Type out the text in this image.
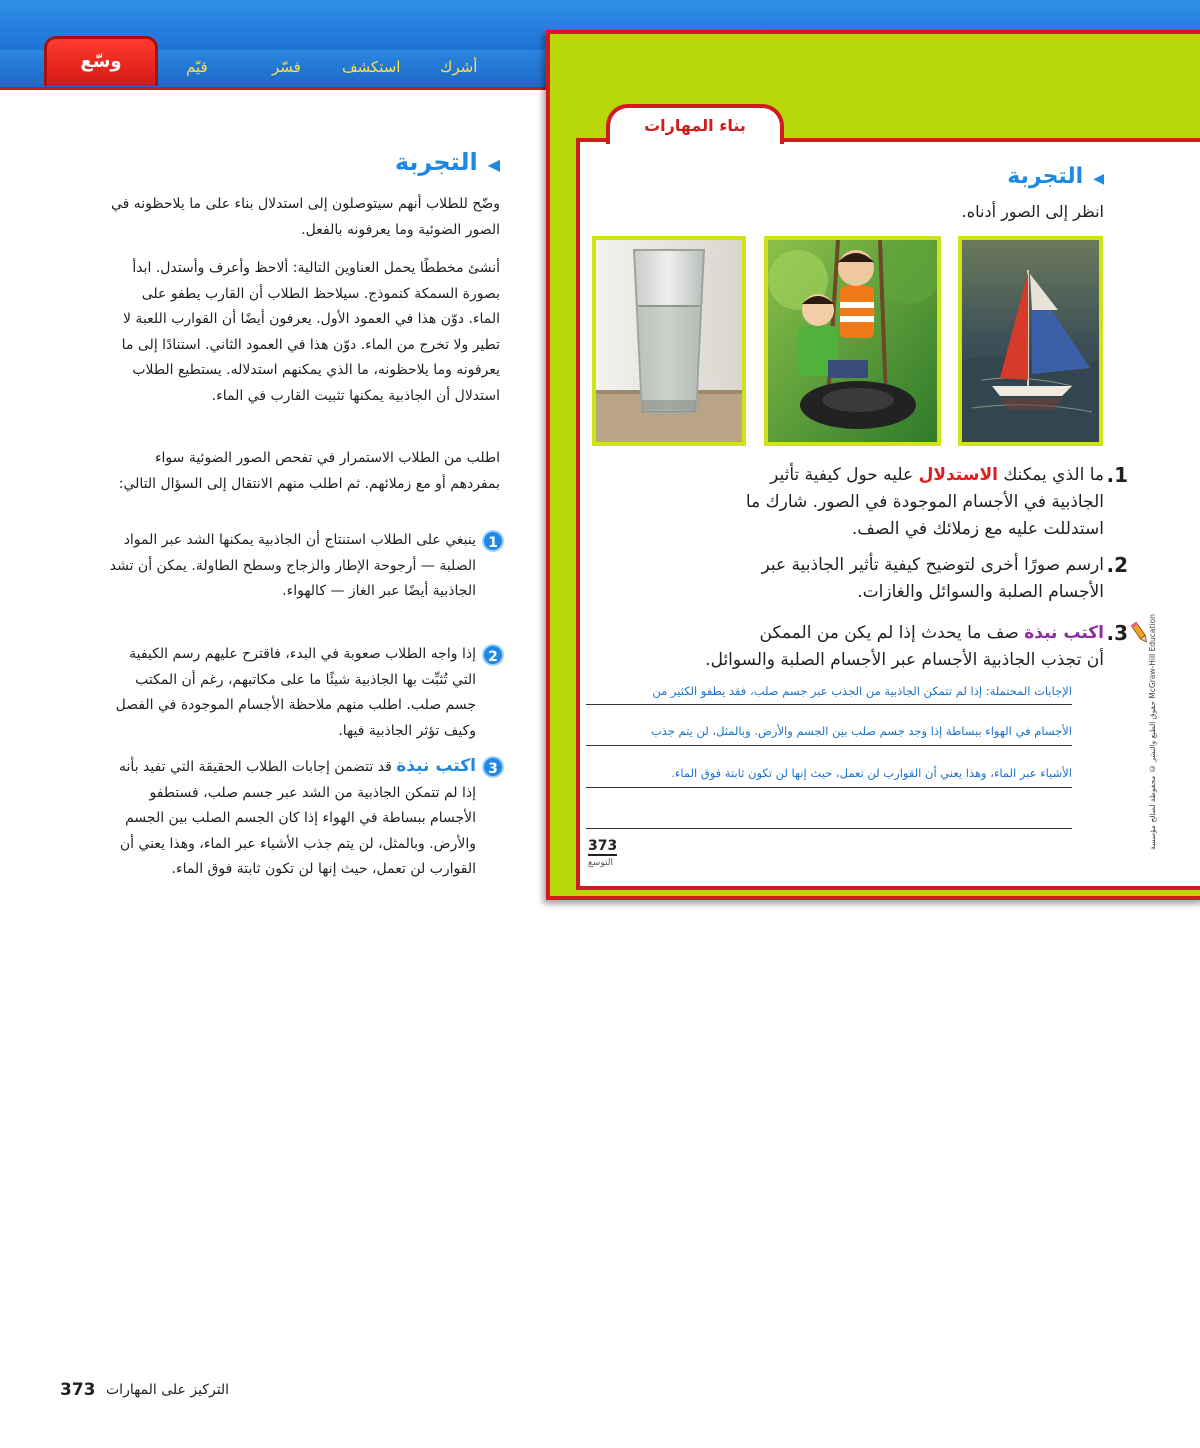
أشرك
استكشف
فسّر
قيّم
وسّع
بناء المهارات
◀التجربة
انظر إلى الصور أدناه.
1.
ما الذي يمكنك الاستدلال عليه حول كيفية تأثير
الجاذبية في الأجسام الموجودة في الصور. شارك ما
استدللت عليه مع زملائك في الصف.
2.
ارسم صورًا أخرى لتوضيح كيفية تأثير الجاذبية عبر
الأجسام الصلبة والسوائل والغازات.
3.
اكتب نبذة صف ما يحدث إذا لم يكن من الممكن
أن تجذب الجاذبية الأجسام عبر الأجسام الصلبة والسوائل.
الإجابات المحتملة: إذا لم تتمكن الجاذبية من الجذب عبر جسم صلب، فقد يطفو الكثير من
الأجسام في الهواء ببساطة إذا وجد جسم صلب بين الجسم والأرض. وبالمثل، لن يتم جذب
الأشياء عبر الماء، وهذا يعني أن القوارب لن تعمل، حيث إنها لن تكون ثابتة فوق الماء.
373
التوسع
حقوق الطبع والنشر © محفوظة لصالح مؤسسة McGraw-Hill Education
◀التجربة
وضّح للطلاب أنهم سيتوصلون إلى استدلال بناء على ما يلاحظونه في الصور الضوئية وما يعرفونه بالفعل.
أنشئ مخططًا يحمل العناوين التالية: ألاحظ وأعرف وأستدل. ابدأ بصورة السمكة كنموذج. سيلاحظ الطلاب أن القارب يطفو على الماء. دوّن هذا في العمود الأول. يعرفون أيضًا أن القوارب اللعبة لا تطير ولا تخرج من الماء. دوّن هذا في العمود الثاني. استنادًا إلى ما يعرفونه وما يلاحظونه، ما الذي يمكنهم استدلاله. يستطيع الطلاب استدلال أن الجاذبية يمكنها تثبيت القارب في الماء.
اطلب من الطلاب الاستمرار في تفحص الصور الضوئية سواء بمفردهم أو مع زملائهم. ثم اطلب منهم الانتقال إلى السؤال التالي:
1
ينبغي على الطلاب استنتاج أن الجاذبية يمكنها الشد عبر المواد الصلبة — أرجوحة الإطار والزجاج وسطح الطاولة. يمكن أن تشد الجاذبية أيضًا عبر الغاز — كالهواء.
2
إذا واجه الطلاب صعوبة في البدء، فاقترح عليهم رسم الكيفية التي تُثبِّت بها الجاذبية شيئًا ما على مكاتبهم، رغم أن المكتب جسم صلب. اطلب منهم ملاحظة الأجسام الموجودة في الفصل وكيف تؤثر الجاذبية فيها.
3
اكتب نبذة قد تتضمن إجابات الطلاب الحقيقة التي تفيد بأنه إذا لم تتمكن الجاذبية من الشد عبر جسم صلب، فستطفو الأجسام ببساطة في الهواء إذا كان الجسم الصلب بين الجسم والأرض. وبالمثل، لن يتم جذب الأشياء عبر الماء، وهذا يعني أن القوارب لن تعمل، حيث إنها لن تكون ثابتة فوق الماء.
373 التركيز على المهارات
